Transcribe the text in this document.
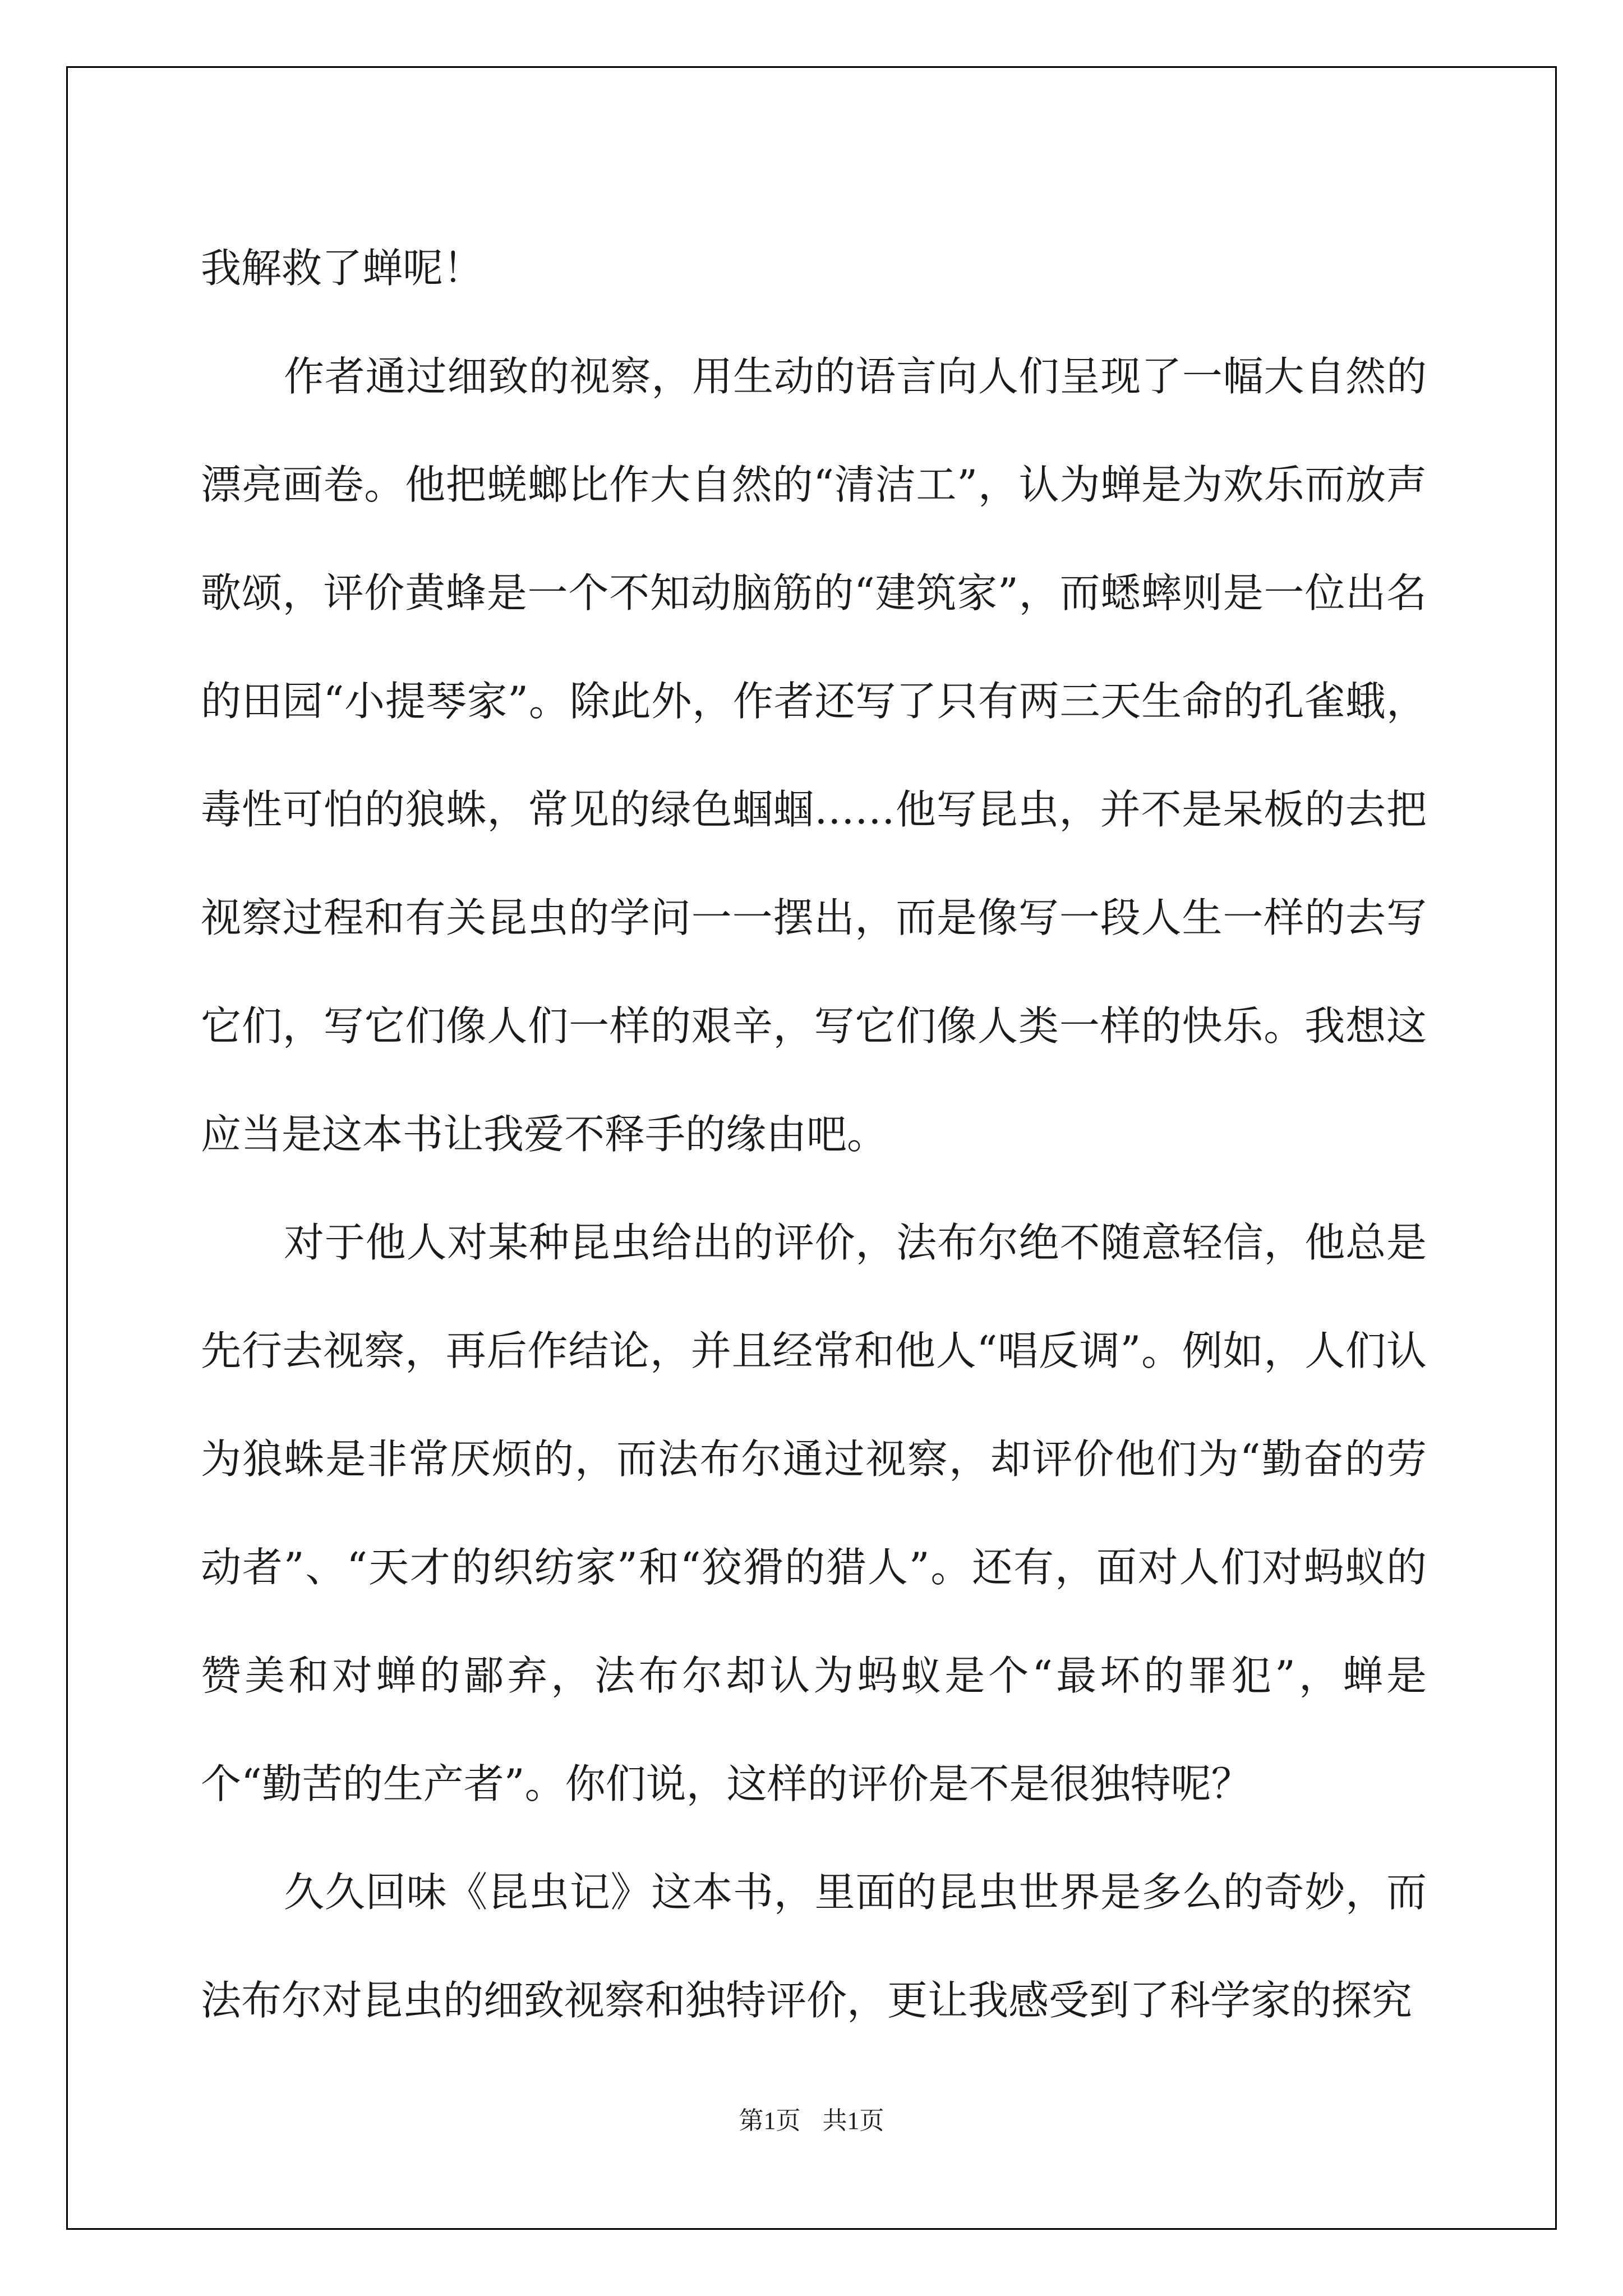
我解救了蝉呢！

作者通过细致的视察，用生动的语言向人们呈现了一幅大自然的漂亮画卷。他把蜣螂比作大自然的“清洁工”，认为蝉是为欢乐而放声歌颂，评价黄蜂是一个不知动脑筋的“建筑家”，而蟋蟀则是一位出名的田园“小提琴家”。除此外，作者还写了只有两三天生命的孔雀蛾，毒性可怕的狼蛛，常见的绿色蝈蝈……他写昆虫，并不是呆板的去把视察过程和有关昆虫的学问一一摆出，而是像写一段人生一样的去写它们，写它们像人们一样的艰辛，写它们像人类一样的快乐。我想这应当是这本书让我爱不释手的缘由吧。

对于他人对某种昆虫给出的评价，法布尔绝不随意轻信，他总是先行去视察，再后作结论，并且经常和他人“唱反调”。例如，人们认为狼蛛是非常厌烦的，而法布尔通过视察，却评价他们为“勤奋的劳动者”、“天才的织纺家”和“狡猾的猎人”。还有，面对人们对蚂蚁的赞美和对蝉的鄙弃，法布尔却认为蚂蚁是个“最坏的罪犯”，蝉是个“勤苦的生产者”。你们说，这样的评价是不是很独特呢？

久久回味《昆虫记》这本书，里面的昆虫世界是多么的奇妙，而法布尔对昆虫的细致视察和独特评价，更让我感受到了科学家的探究

第1页 共1页
